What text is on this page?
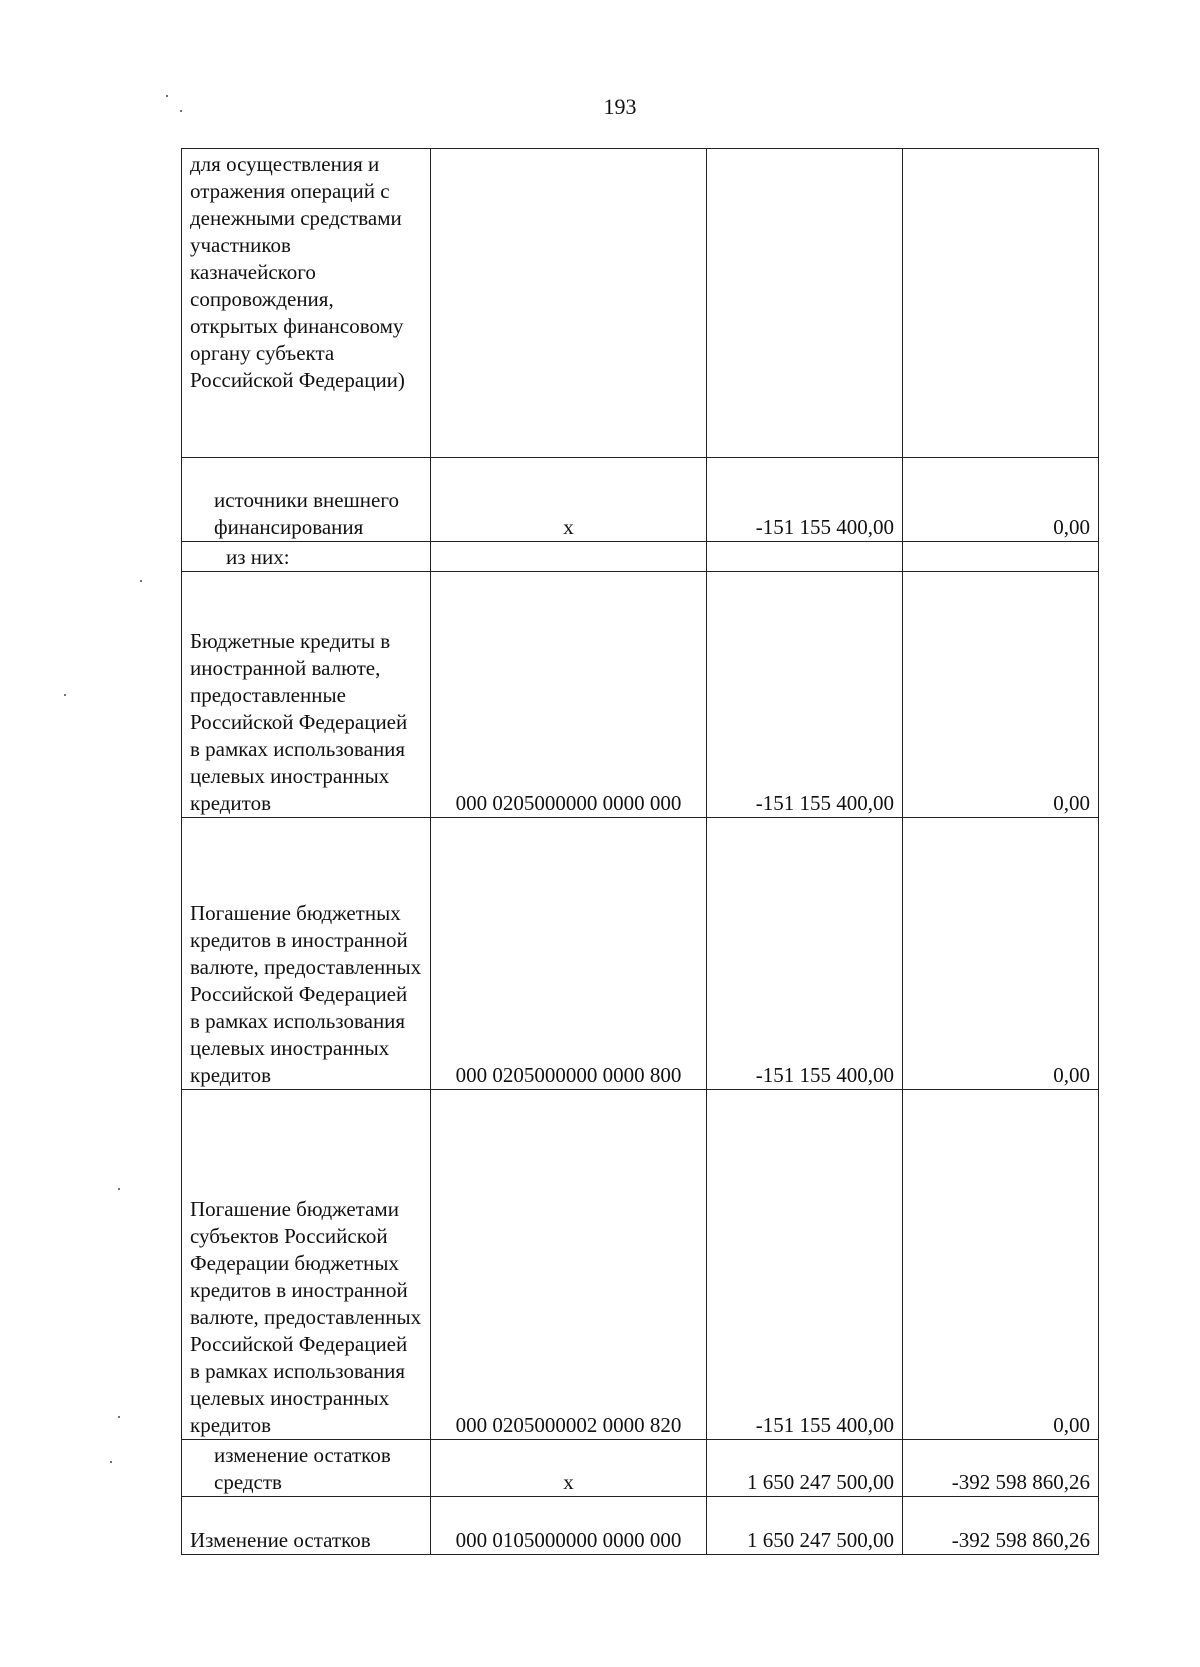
193
для осуществления и отражения операций с денежными средствами участников казначейского сопровождения, открытых финансовому органу субъекта Российской Федерации)			
источники внешнего финансирования	х	-151 155 400,00	0,00
из них:			
Бюджетные кредиты в иностранной валюте, предоставленные Российской Федерацией в рамках использования целевых иностранных кредитов	000 0205000000 0000 000	-151 155 400,00	0,00
Погашение бюджетных кредитов в иностранной валюте, предоставленных Российской Федерацией в рамках использования целевых иностранных кредитов	000 0205000000 0000 800	-151 155 400,00	0,00
Погашение бюджетами субъектов Российской Федерации бюджетных кредитов в иностранной валюте, предоставленных Российской Федерацией в рамках использования целевых иностранных кредитов	000 0205000002 0000 820	-151 155 400,00	0,00
изменение остатков средств	х	1 650 247 500,00	-392 598 860,26
Изменение остатков	000 0105000000 0000 000	1 650 247 500,00	-392 598 860,26
